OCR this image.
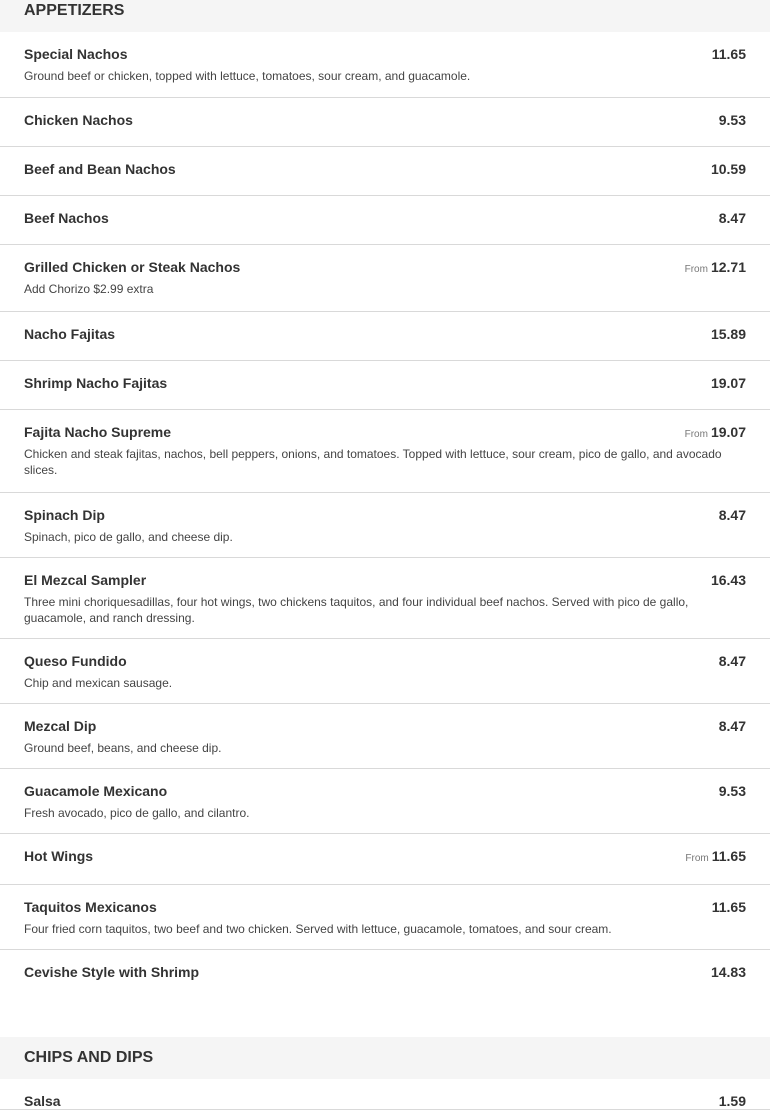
APPETIZERS
Special Nachos	11.65
Ground beef or chicken, topped with lettuce, tomatoes, sour cream, and guacamole.
Chicken Nachos	9.53
Beef and Bean Nachos	10.59
Beef Nachos	8.47
Grilled Chicken or Steak Nachos	From 12.71
Add Chorizo $2.99 extra
Nacho Fajitas	15.89
Shrimp Nacho Fajitas	19.07
Fajita Nacho Supreme	From 19.07
Chicken and steak fajitas, nachos, bell peppers, onions, and tomatoes. Topped with lettuce, sour cream, pico de gallo, and avocado slices.
Spinach Dip	8.47
Spinach, pico de gallo, and cheese dip.
El Mezcal Sampler	16.43
Three mini choriquesadillas, four hot wings, two chickens taquitos, and four individual beef nachos. Served with pico de gallo, guacamole, and ranch dressing.
Queso Fundido	8.47
Chip and mexican sausage.
Mezcal Dip	8.47
Ground beef, beans, and cheese dip.
Guacamole Mexicano	9.53
Fresh avocado, pico de gallo, and cilantro.
Hot Wings	From 11.65
Taquitos Mexicanos	11.65
Four fried corn taquitos, two beef and two chicken. Served with lettuce, guacamole, tomatoes, and sour cream.
Cevishe Style with Shrimp	14.83
CHIPS AND DIPS
Salsa	1.59
